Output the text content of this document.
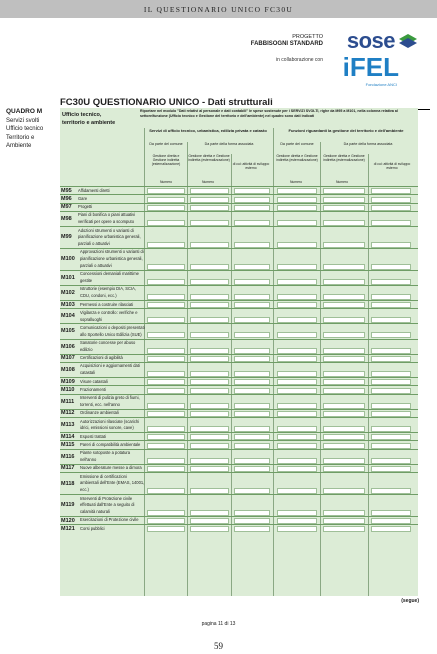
IL QUESTIONARIO UNICO FC30U
PROGETTO
FABBISOGNI STANDARD sose
in collaborazione con iFEL
Fondazione ANCI
QUADRO M
Servizi svolti
Ufficio tecnico
Territorio e
Ambiente
FC30U QUESTIONARIO UNICO - Dati strutturali
Ufficio tecnico,
territorio e ambiente
Riportare nel modulo "Dati relativi al personale e dati contabili" le spese sostenute per i SERVIZI SVOLTI, righe da M95 a M101, nella colonna relativa al settore/funzione (Ufficio tecnico e Gestione del territorio e dell'ambiente) nel quadro sono dati indicati
Servizi di ufficio tecnico, urbanistica, edilizia privata e catasto	Funzioni riguardanti la gestione del territorio e dell'ambiente
Da parte del comune	Da parte della forma associata	Da parte del comune	Da parte della forma associata
Gestione diretta e Gestione indiretta (esternalizzazione)
Gestione diretta e Gestione indiretta (esternalizzazione)
di cui: attività di sviluppo esterno
Gestione diretta e Gestione indiretta (esternalizzazione)
Gestione diretta e Gestione indiretta (esternalizzazione)
di cui: attività di sviluppo esterno
Numero	Numero	Numero	Numero
M95 Affidamenti diretti
M96 Gare
M97 Progetti
M98
Piani di bonifica o piani attuativi
verificati per opere a scomputo
M99
Adozioni strumenti o varianti di
pianificazione urbanistica generali,
parziali o attuativi
M100
Approvazioni strumenti o varianti di
pianificazione urbanistica generali,
parziali o attuativi
M101
Concessioni demaniali marittime
gestite
M102
Istruttorie (esempio DIA, SCIA,
CDU, condoni, ecc.)
M103 Permessi a costruire rilasciati
M104
Vigilanza e controllo: verifiche e
sopralluoghi
M105
Comunicazioni o depositi presentati
allo Sportello Unico Edilizia (SUE)
M106
Sanatorie concesse per abuso
edilizio
M107 Certificazioni di agibilità
M108
Acquisizioni e aggiornamenti dati
catastali
M109 Visure catastali
M110 Frazionamenti
M111
Interventi di pulizia greto di fiumi,
torrenti, ecc. nell'anno
M112 Ordinanze ambientali
M113
Autorizzazioni rilasciate (scarichi
idrici, emissioni sonore, cave)
M114 Esposti trattati
M115 Pareri di compatibilità ambientale
M116
Piante sotoposte a potatura
nell'anno
M117 Nuove alberature messe a dimora
M118
Emissione di certificazioni
ambientali dell'Ente (EMAS, 14001,
ecc.)
M119
Interventi di Protezione civile
effettuati dall'Ente a seguito di
calamità naturali
M120 Esercitazioni di Protezione civile
M121 Corsi pubblici
(segue)
pagina 11 di 13
59
